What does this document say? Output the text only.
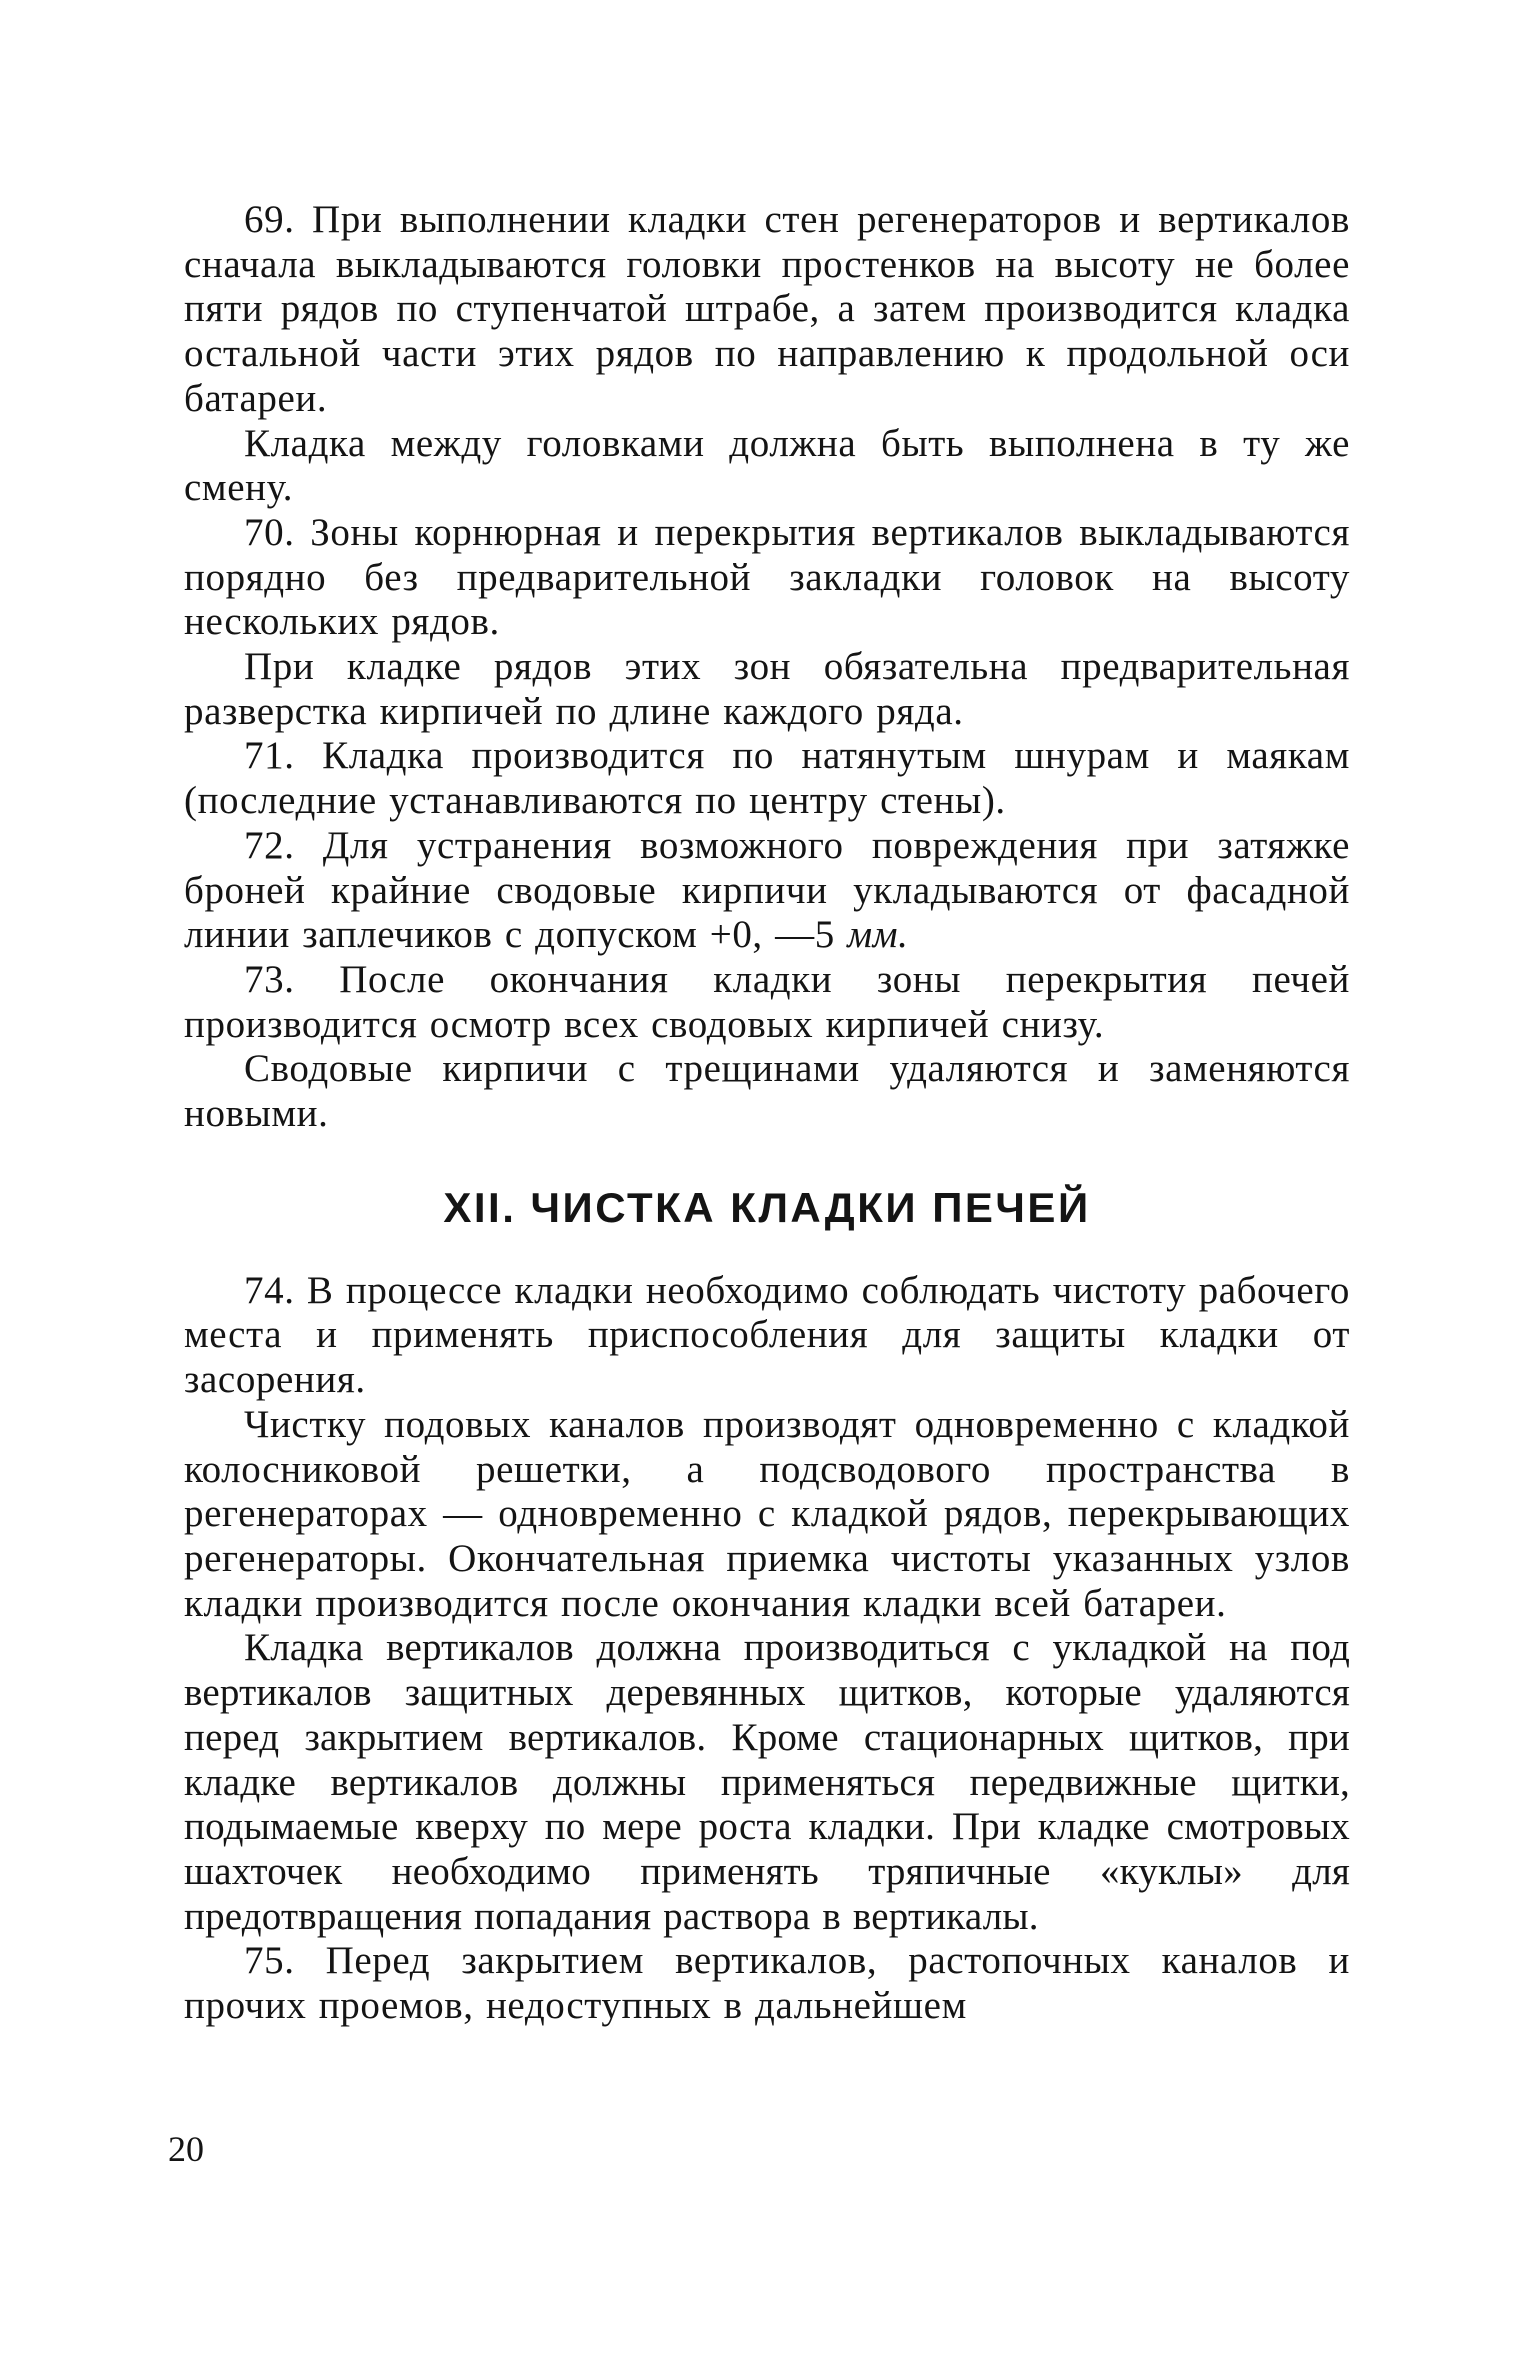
69. При выполнении кладки стен регенераторов и вертикалов сначала выкладываются головки простенков на высоту не более пяти рядов по ступенчатой штрабе, а затем производится кладка остальной части этих рядов по направлению к продольной оси батареи.

Кладка между головками должна быть выполнена в ту же смену.

70. Зоны корнюрная и перекрытия вертикалов выкладываются порядно без предварительной закладки головок на высоту нескольких рядов.

При кладке рядов этих зон обязательна предварительная разверстка кирпичей по длине каждого ряда.

71. Кладка производится по натянутым шнурам и маякам (последние устанавливаются по центру стены).

72. Для устранения возможного повреждения при затяжке броней крайние сводовые кирпичи укладываются от фасадной линии заплечиков с допуском +0, —5 мм.

73. После окончания кладки зоны перекрытия печей производится осмотр всех сводовых кирпичей снизу.

Сводовые кирпичи с трещинами удаляются и заменяются новыми.

XII. ЧИСТКА КЛАДКИ ПЕЧЕЙ

74. В процессе кладки необходимо соблюдать чистоту рабочего места и применять приспособления для защиты кладки от засорения.

Чистку подовых каналов производят одновременно с кладкой колосниковой решетки, а подсводового пространства в регенераторах — одновременно с кладкой рядов, перекрывающих регенераторы. Окончательная приемка чистоты указанных узлов кладки производится после окончания кладки всей батареи.

Кладка вертикалов должна производиться с укладкой на под вертикалов защитных деревянных щитков, которые удаляются перед закрытием вертикалов. Кроме стационарных щитков, при кладке вертикалов должны применяться передвижные щитки, подымаемые кверху по мере роста кладки. При кладке смотровых шахточек необходимо применять тряпичные «куклы» для предотвращения попадания раствора в вертикалы.

75. Перед закрытием вертикалов, растопочных каналов и прочих проемов, недоступных в дальнейшем

20
